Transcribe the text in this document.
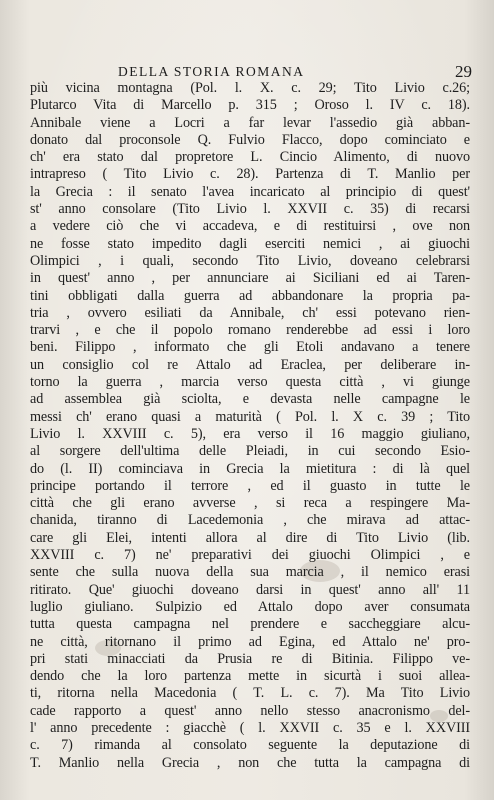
DELLA STORIA ROMANA	29
più vicina montagna (Pol. l. X. c. 29; Tito Livio c.26;
Plutarco Vita di Marcello p. 315 ; Oroso l. IV c. 18).
Annibale viene a Locri a far levar l'assedio già abban-
donato dal proconsole Q. Fulvio Flacco, dopo cominciato e
ch' era stato dal propretore L. Cincio Alimento, di nuovo
intrapreso ( Tito Livio c. 28). Partenza di T. Manlio per
la Grecia : il senato l'avea incaricato al principio di quest'
st' anno consolare (Tito Livio l. XXVII c. 35) di recarsi
a vedere ciò che vi accadeva, e di restituirsi , ove non
ne fosse stato impedito dagli eserciti nemici , ai giuochi
Olimpici , i quali, secondo Tito Livio, doveano celebrarsi
in quest' anno , per annunciare ai Siciliani ed ai Taren-
tini obbligati dalla guerra ad abbandonare la propria pa-
tria , ovvero esiliati da Annibale, ch' essi potevano rien-
trarvi , e che il popolo romano renderebbe ad essi i loro
beni. Filippo , informato che gli Etoli andavano a tenere
un consiglio col re Attalo ad Eraclea, per deliberare in-
torno la guerra , marcia verso questa città , vi giunge
ad assemblea già sciolta, e devasta nelle campagne le
messi ch' erano quasi a maturità ( Pol. l. X c. 39 ; Tito
Livio l. XXVIII c. 5), era verso il 16 maggio giuliano,
al sorgere dell'ultima delle Pleiadi, in cui secondo Esio-
do (l. II) cominciava in Grecia la mietitura : di là quel
principe portando il terrore , ed il guasto in tutte le
città che gli erano avverse , si reca a respingere Ma-
chanida, tiranno di Lacedemonia , che mirava ad attac-
care gli Elei, intenti allora al dire di Tito Livio (lib.
XXVIII c. 7) ne' preparativi dei giuochi Olimpici , e
sente che sulla nuova della sua marcia , il nemico erasi
ritirato. Que' giuochi doveano darsi in quest' anno all' 11
luglio giuliano. Sulpizio ed Attalo dopo aver consumata
tutta questa campagna nel prendere e saccheggiare alcu-
ne città, ritornano il primo ad Egina, ed Attalo ne' pro-
pri stati minacciati da Prusia re di Bitinia. Filippo ve-
dendo che la loro partenza mette in sicurtà i suoi allea-
ti, ritorna nella Macedonia ( T. L. c. 7). Ma Tito Livio
cade rapporto a quest' anno nello stesso anacronismo del-
l' anno precedente : giacchè ( l. XXVII c. 35 e l. XXVIII
c. 7) rimanda al consolato seguente la deputazione di
T. Manlio nella Grecia , non che tutta la campagna di
